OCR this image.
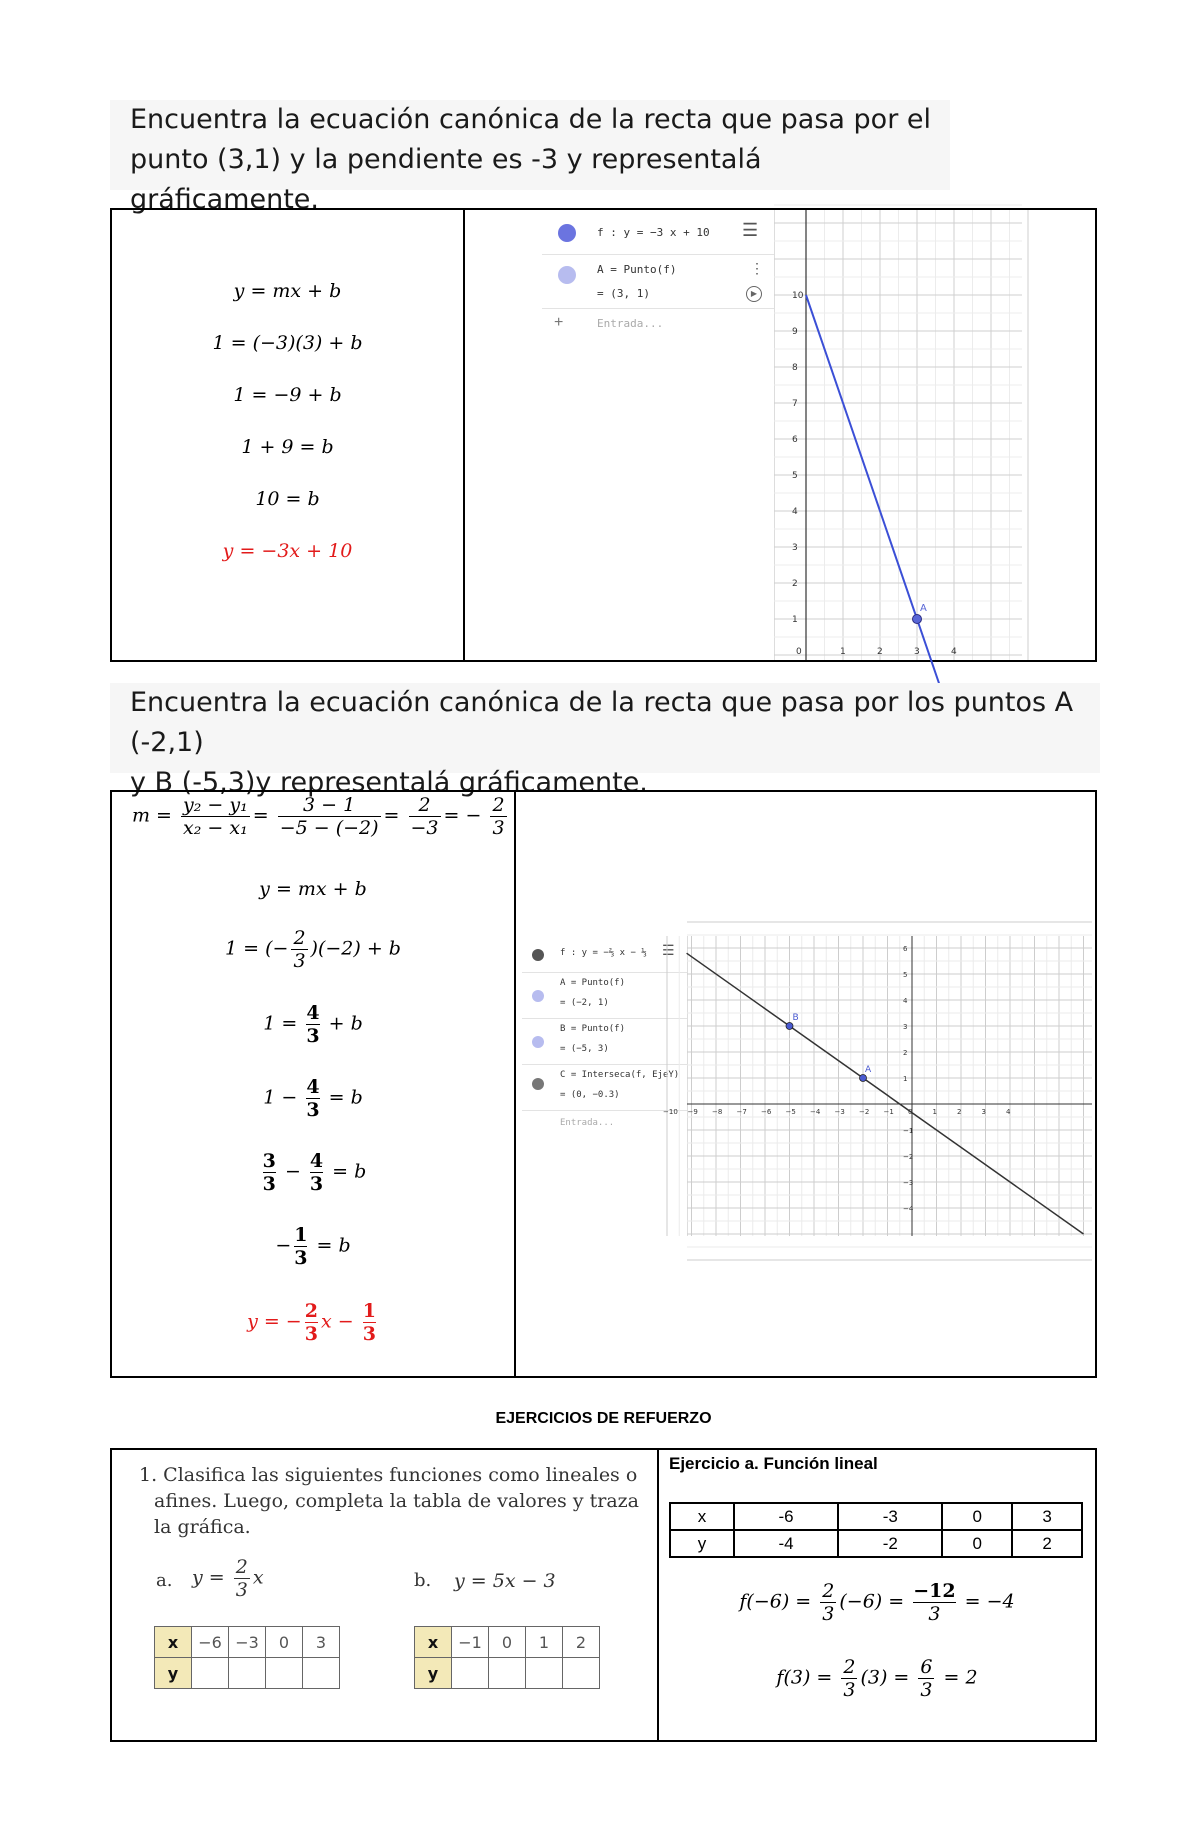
Encuentra la ecuación canónica de la recta que pasa por el
punto (3,1) y la pendiente es -3 y representalá gráficamente.
y = mx + b
1 = (−3)(3) + b
1 = −9 + b
1 + 9 = b
10 = b
y = −3x + 10
f : y = −3 x + 10 ☰
A = Punto(f)
= (3, 1)
⋮
▶
+	Entrada...
A
0	1	2	3	4
1
2
3
4
5
6
7
8
9
10
Encuentra la ecuación canónica de la recta que pasa por los puntos A (-2,1)
y B (-5,3)y representalá gráficamente.
$m = \frac{\text{y₂ − y₁}}{\text{x₂ − x₁}} = \frac{3 - 1}{-5 - (-2)} = \frac{2}{-3}$ = − $\frac{2}{3}$
y = mx + b
1 = (− $\frac{2}{3} )(-2) + b$
$1 = \frac{4}{3} + b$
$1 - \frac{4}{3} = b$
$\frac{3}{3} - \frac{4}{3} = b$
− $\frac{1}{3} = b$
y = − $\frac{2}{3}$ $x - \frac{1}{3}$
f : y = −⅔ x − ⅓ ☰
A = Punto(f)
= (−2, 1)
B = Punto(f)
= (−5, 3)
C = Interseca(f, EjeY)
= (0, −0.3)
Entrada...
A
B
−10 −9 −8 −7 −6 −5 −4 −3 −2 −1 0	1	2	3	4
6
5
4
3
2
1
−1
−2
−3
−4
EJERCICIOS DE REFUERZO
1. Clasifica las siguientes funciones como lineales o
afines. Luego, completa la tabla de valores y traza
la gráfica.
a. $y = \frac{2}{3}$ x	b. y = 5x − 3
x	−6	−3	0	3
y				
x	−1	0	1	2
y				
Ejercicio a. Función lineal
x	-6	-3	0	3
y	-4	-2	0	2
$f(-6) = \frac{2}{3} (-6) = \frac{-12}{3} = -4$
$f(3) = \frac{2}{3} (3) = \frac{6}{3} = 2$
